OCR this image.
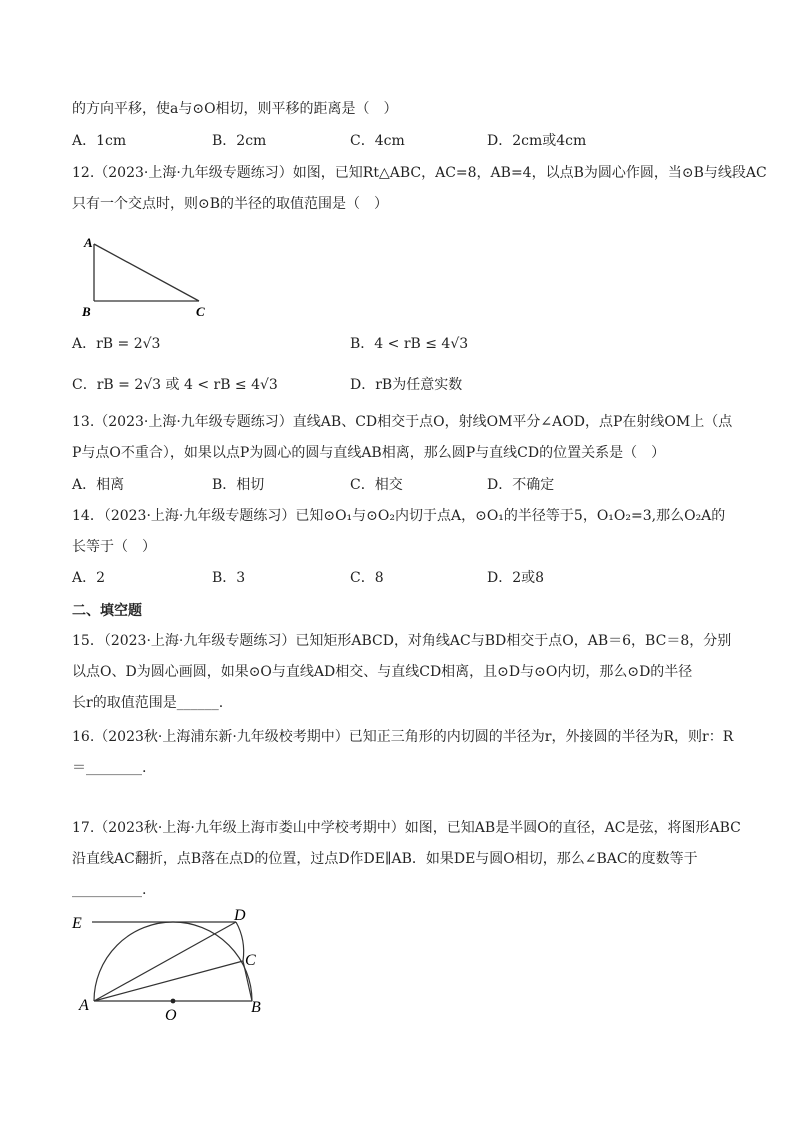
的方向平移，使a与⊙O相切，则平移的距离是（　）
A．1cm	B．2cm	C．4cm	D．2cm或4cm
12.（2023·上海·九年级专题练习）如图，已知Rt△ABC，AC=8，AB=4，以点B为圆心作圆，当⊙B与线段AC
只有一个交点时，则⊙B的半径的取值范围是（　）
A
B	C
A．rB = 2√3	B．4 < rB ≤ 4√3
C．rB = 2√3 或 4 < rB ≤ 4√3	D．rB为任意实数
13.（2023·上海·九年级专题练习）直线AB、CD相交于点O，射线OM平分∠AOD，点P在射线OM上（点
P与点O不重合），如果以点P为圆心的圆与直线AB相离，那么圆P与直线CD的位置关系是（　）
A．相离	B．相切	C．相交	D．不确定
14．（2023·上海·九年级专题练习）已知⊙O₁与⊙O₂内切于点A，⊙O₁的半径等于5，O₁O₂=3,那么O₂A的
长等于（　）
A．2	B．3	C．8	D．2或8
二、填空题
15．（2023·上海·九年级专题练习）已知矩形ABCD，对角线AC与BD相交于点O，AB＝6，BC＝8，分别
以点O、D为圆心画圆，如果⊙O与直线AD相交、与直线CD相离，且⊙D与⊙O内切，那么⊙D的半径
长r的取值范围是______.
16.（2023秋·上海浦东新·九年级校考期中）已知正三角形的内切圆的半径为r，外接圆的半径为R，则r：R
＝________.
17.（2023秋·上海·九年级上海市娄山中学校考期中）如图，已知AB是半圆O的直径，AC是弦，将图形ABC
沿直线AC翻折，点B落在点D的位置，过点D作DE∥AB．如果DE与圆O相切，那么∠BAC的度数等于
__________.
E	D
C
A
O	B
